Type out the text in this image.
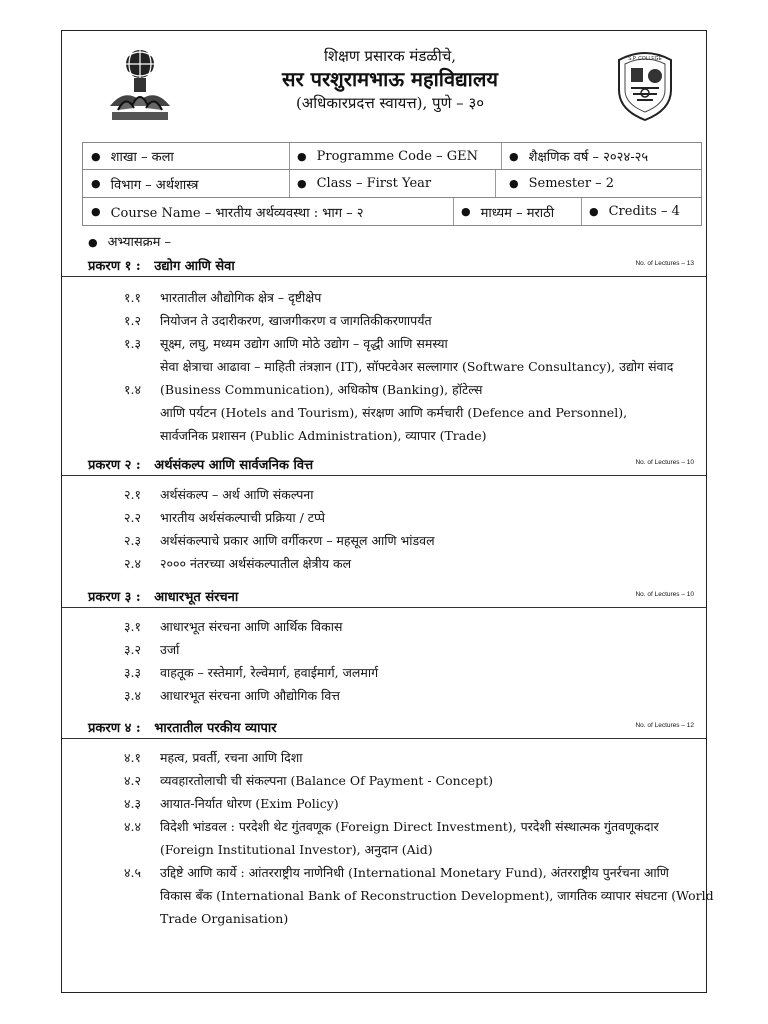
S.P. COLLEGE
शिक्षण प्रसारक मंडळीचे,
सर परशुरामभाऊ महाविद्यालय
(अधिकारप्रदत्त स्वायत्त), पुणे – ३०
● शाखा – कला	● Programme Code – GEN	● शैक्षणिक वर्ष – २०२४-२५
● विभाग – अर्थशास्त्र	● Class – First Year	● Semester – 2
● Course Name – भारतीय अर्थव्यवस्था : भाग – २	● माध्यम – मराठी	● Credits – 4
● अभ्यासक्रम –
प्रकरण १ :   उद्योग आणि सेवा	No. of Lectures – 13
१.१	भारतातील औद्योगिक क्षेत्र – दृष्टीक्षेप
१.२	नियोजन ते उदारीकरण, खाजगीकरण व जागतिकीकरणापर्यंत
१.३	सूक्ष्म, लघु, मध्यम उद्योग आणि मोठे उद्योग – वृद्धी आणि समस्या
१.४
सेवा क्षेत्राचा आढावा – माहिती तंत्रज्ञान (IT), सॉफ्टवेअर सल्लागार (Software Consultancy), उद्योग संवाद
(Business Communication), अधिकोष (Banking), हॉटेल्स
आणि पर्यटन (Hotels and Tourism), संरक्षण आणि कर्मचारी (Defence and Personnel),
सार्वजनिक प्रशासन (Public Administration), व्यापार (Trade)
प्रकरण २ :   अर्थसंकल्प आणि सार्वजनिक वित्त	No. of Lectures – 10
२.१	अर्थसंकल्प – अर्थ आणि संकल्पना
२.२	भारतीय अर्थसंकल्पाची प्रक्रिया / टप्पे
२.३	अर्थसंकल्पाचे प्रकार आणि वर्गीकरण – महसूल आणि भांडवल
२.४	२००० नंतरच्या अर्थसंकल्पातील क्षेत्रीय कल
प्रकरण ३ :   आधारभूत संरचना	No. of Lectures – 10
३.१	आधारभूत संरचना आणि आर्थिक विकास
३.२	उर्जा
३.३	वाहतूक – रस्तेमार्ग, रेल्वेमार्ग, हवाईमार्ग, जलमार्ग
३.४	आधारभूत संरचना आणि औद्योगिक वित्त
प्रकरण ४ :   भारतातील परकीय व्यापार	No. of Lectures – 12
४.१	महत्व, प्रवर्ती, रचना आणि दिशा
४.२	व्यवहारतोलाची ची संकल्पना (Balance Of Payment - Concept)
४.३	आयात-निर्यात धोरण (Exim Policy)
४.४	विदेशी भांडवल : परदेशी थेट गुंतवणूक (Foreign Direct Investment), परदेशी संस्थात्मक गुंतवणूकदार
(Foreign Institutional Investor), अनुदान (Aid)
४.५	उद्दिष्टे आणि कार्ये : आंतरराष्ट्रीय नाणेनिधी (International Monetary Fund), अंतरराष्ट्रीय पुनर्रचना आणि
विकास बँक (International Bank of Reconstruction Development), जागतिक व्यापार संघटना (World
Trade Organisation)
